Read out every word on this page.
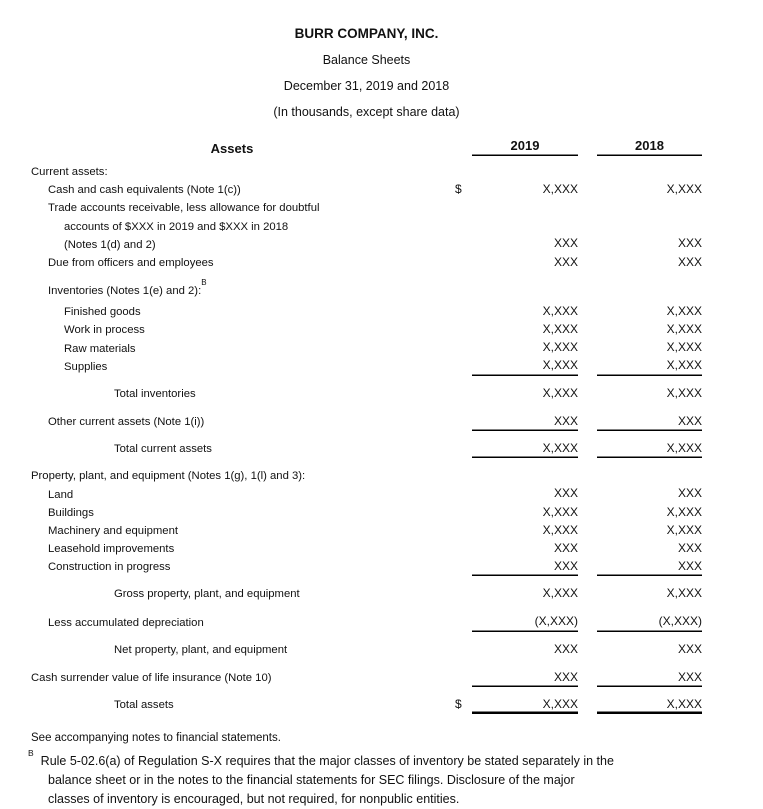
BURR COMPANY, INC.
Balance Sheets
December 31, 2019 and 2018
(In thousands, except share data)
Assets	2019	2018
Current assets:
Cash and cash equivalents (Note 1(c))	$	X,XXX	X,XXX
Trade accounts receivable, less allowance for doubtful
accounts of $XXX in 2019 and $XXX in 2018
(Notes 1(d) and 2)	XXX	XXX
Due from officers and employees	XXX	XXX
Inventories (Notes 1(e) and 2):$^B$
Finished goods	X,XXX	X,XXX
Work in process	X,XXX	X,XXX
Raw materials	X,XXX	X,XXX
Supplies	X,XXX	X,XXX
Total inventories	X,XXX	X,XXX
Other current assets (Note 1(i))	XXX	XXX
Total current assets	X,XXX	X,XXX
Property, plant, and equipment (Notes 1(g), 1(l) and 3):
Land	XXX	XXX
Buildings	X,XXX	X,XXX
Machinery and equipment	X,XXX	X,XXX
Leasehold improvements	XXX	XXX
Construction in progress	XXX	XXX
Gross property, plant, and equipment	X,XXX	X,XXX
Less accumulated depreciation	(X,XXX)	(X,XXX)
Net property, plant, and equipment	XXX	XXX
Cash surrender value of life insurance (Note 10)	XXX	XXX
Total assets	$	X,XXX	X,XXX
See accompanying notes to financial statements.
$^B$Rule 5-02.6(a) of Regulation S-X requires that the major classes of inventory be stated separately in the
balance sheet or in the notes to the financial statements for SEC filings. Disclosure of the major
classes of inventory is encouraged, but not required, for nonpublic entities.
